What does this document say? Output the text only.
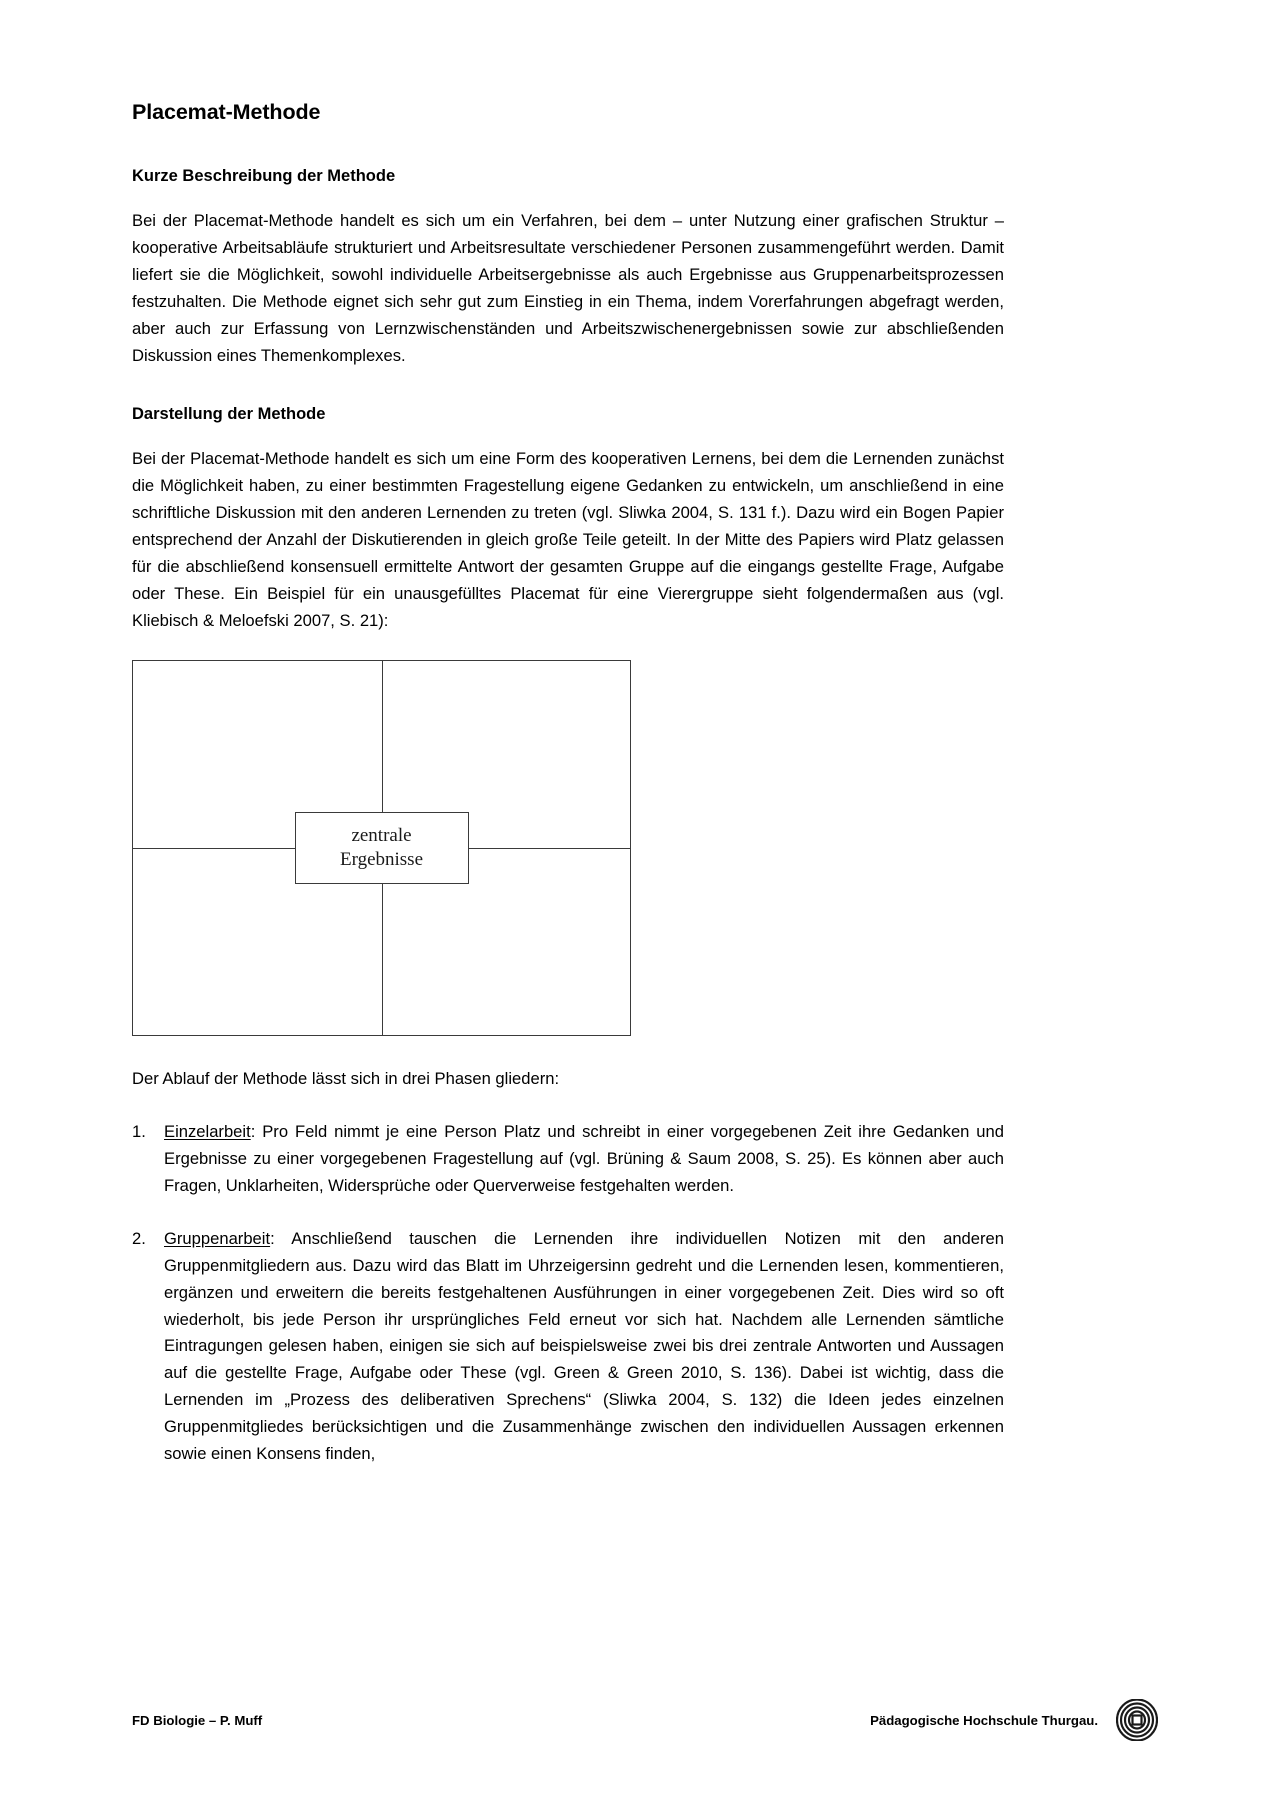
Placemat-Methode
Kurze Beschreibung der Methode

Bei der Placemat-Methode handelt es sich um ein Verfahren, bei dem – unter Nutzung einer grafischen Struktur – kooperative Arbeitsabläufe strukturiert und Arbeitsresultate verschiedener Personen zusammengeführt werden. Damit liefert sie die Möglichkeit, sowohl individuelle Arbeitsergebnisse als auch Ergebnisse aus Gruppenarbeitsprozessen festzuhalten. Die Methode eignet sich sehr gut zum Einstieg in ein Thema, indem Vorerfahrungen abgefragt werden, aber auch zur Erfassung von Lernzwischenständen und Arbeitszwischenergebnissen sowie zur abschließenden Diskussion eines Themenkomplexes.

Darstellung der Methode

Bei der Placemat-Methode handelt es sich um eine Form des kooperativen Lernens, bei dem die Lernenden zunächst die Möglichkeit haben, zu einer bestimmten Fragestellung eigene Gedanken zu entwickeln, um anschließend in eine schriftliche Diskussion mit den anderen Lernenden zu treten (vgl. Sliwka 2004, S. 131 f.). Dazu wird ein Bogen Papier entsprechend der Anzahl der Diskutierenden in gleich große Teile geteilt. In der Mitte des Papiers wird Platz gelassen für die abschließend konsensuell ermittelte Antwort der gesamten Gruppe auf die eingangs gestellte Frage, Aufgabe oder These. Ein Beispiel für ein unausgefülltes Placemat für eine Vierergruppe sieht folgendermaßen aus (vgl. Kliebisch & Meloefski 2007, S. 21):

zentrale
Ergebnisse

Der Ablauf der Methode lässt sich in drei Phasen gliedern:

Einzelarbeit: Pro Feld nimmt je eine Person Platz und schreibt in einer vorgegebenen Zeit ihre Gedanken und Ergebnisse zu einer vorgegebenen Fragestellung auf (vgl. Brüning & Saum 2008, S. 25). Es können aber auch Fragen, Unklarheiten, Widersprüche oder Querverweise festgehalten werden.
Gruppenarbeit: Anschließend tauschen die Lernenden ihre individuellen Notizen mit den anderen Gruppenmitgliedern aus. Dazu wird das Blatt im Uhrzeigersinn gedreht und die Lernenden lesen, kommentieren, ergänzen und erweitern die bereits festgehaltenen Ausführungen in einer vorgegebenen Zeit. Dies wird so oft wiederholt, bis jede Person ihr ursprüngliches Feld erneut vor sich hat. Nachdem alle Lernenden sämtliche Eintragungen gelesen haben, einigen sie sich auf beispielsweise zwei bis drei zentrale Antworten und Aussagen auf die gestellte Frage, Aufgabe oder These (vgl. Green & Green 2010, S. 136). Dabei ist wichtig, dass die Lernenden im „Prozess des deliberativen Sprechens“ (Sliwka 2004, S. 132) die Ideen jedes einzelnen Gruppenmitgliedes berücksichtigen und die Zusammenhänge zwischen den individuellen Aussagen erkennen sowie einen Konsens finden,
FD Biologie – P. Muff	Pädagogische Hochschule Thurgau.
